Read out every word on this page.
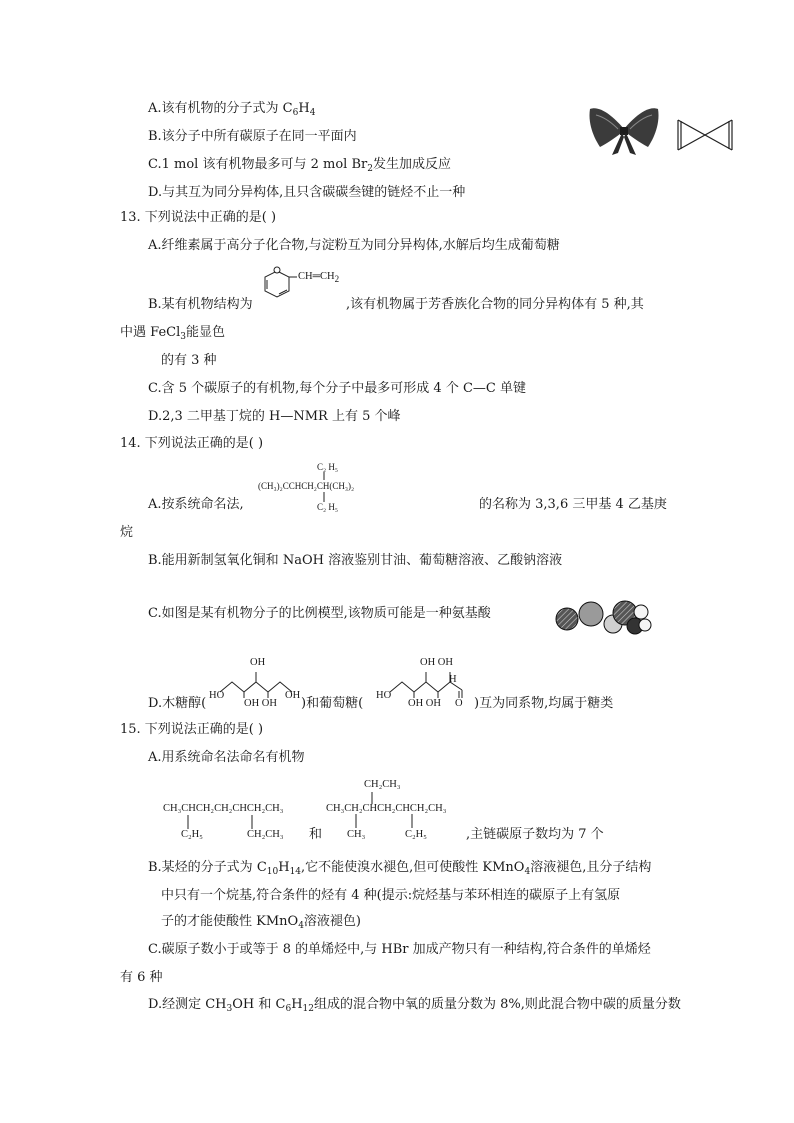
A.该有机物的分子式为 $C_6H_4$
B.该分子中所有碳原子在同一平面内
C.1 mol 该有机物最多可与 2 mol $Br_2$发生加成反应
D.与其互为同分异构体,且只含碳碳叁键的链烃不止一种
13. 下列说法中正确的是( )
A.纤维素属于高分子化合物,与淀粉互为同分异构体,水解后均生成葡萄糖
CH═CH2
B.某有机物结构为	,该有机物属于芳香族化合物的同分异构体有 5 种,其
中遇 FeCl$_3$能显色
的有 3 种
C.含 5 个碳原子的有机物,每个分子中最多可形成 4 个 C—C 单键
D.2,3 二甲基丁烷的 H—NMR 上有 5 个峰
14. 下列说法正确的是( )
C₂ H₅
(CH₃)₂CCHCH₂CH(CH₃)₂
C₂ H₅
A.按系统命名法,	的名称为 3,3,6 三甲基 4 乙基庚
烷
B.能用新制氢氧化铜和 NaOH 溶液鉴别甘油、葡萄糖溶液、乙酸钠溶液
C.如图是某有机物分子的比例模型,该物质可能是一种氨基酸
OH
HO
OH OH
OH
OH OH
H
HO
OH OH O
D.木糖醇(	)和葡萄糖(	)互为同系物,均属于糖类
15. 下列说法正确的是( )
A.用系统命名法命名有机物
CH₃CHCH₂CH₂CHCH₂CH₃
C₂H₅	CH₂CH₃ 和
CH₂CH₃
CH₃CH₂CHCH₂CHCH₂CH₃
CH₃	C₂H₅	,主链碳原子数均为 7 个
B.某烃的分子式为 $C_{10}H_{14}$,它不能使溴水褪色,但可使酸性 KMnO$_4$溶液褪色,且分子结构
中只有一个烷基,符合条件的烃有 4 种(提示:烷烃基与苯环相连的碳原子上有氢原
子的才能使酸性 KMnO$_4$溶液褪色)
C.碳原子数小于或等于 8 的单烯烃中,与 HBr 加成产物只有一种结构,符合条件的单烯烃
有 6 种
D.经测定 $CH_3OH$ 和 $C_6H_{12}$组成的混合物中氧的质量分数为 8%,则此混合物中碳的质量分数
